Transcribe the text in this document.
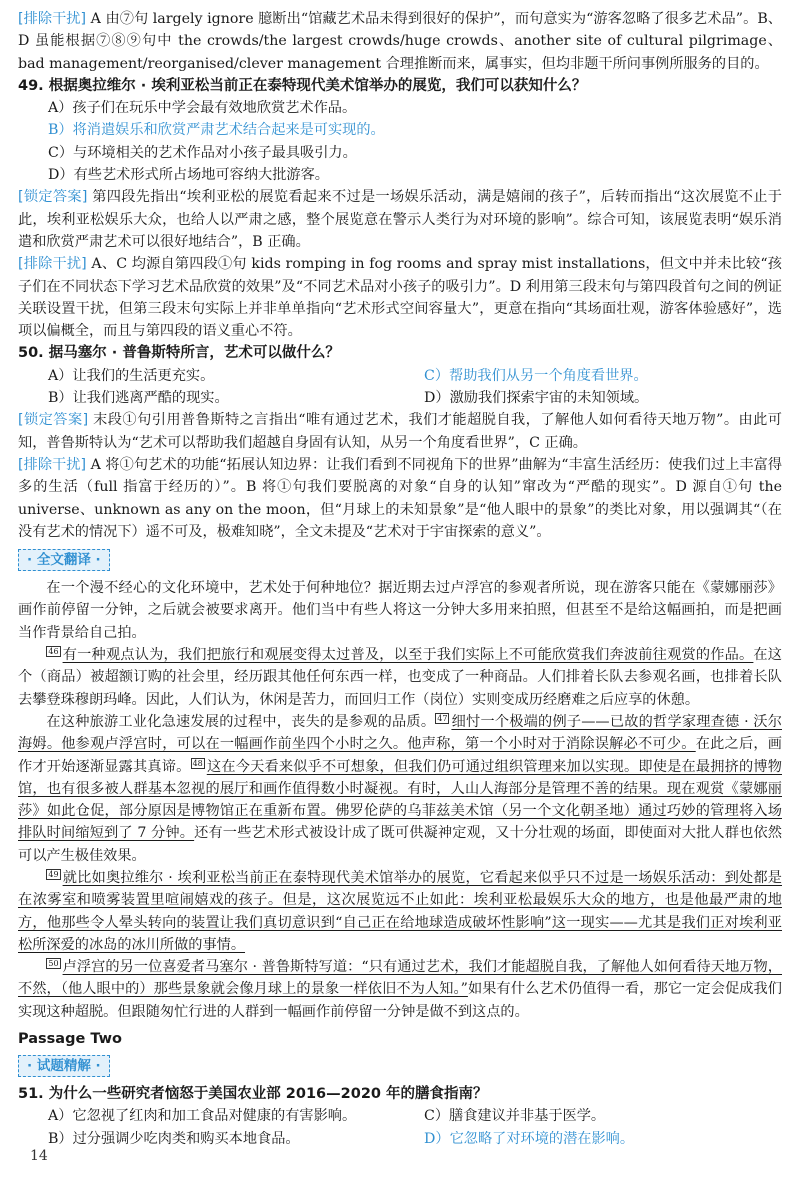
[排除干扰] A 由⑦句 largely ignore 臆断出“馆藏艺术品未得到很好的保护”，而句意实为“游客忽略了很多艺术品”。B、D 虽能根据⑦⑧⑨句中 the crowds/the largest crowds/huge crowds、another site of cultural pilgrimage、bad management/reorganised/clever management 合理推断而来，属事实，但均非题干所问事例所服务的目的。

49. 根据奥拉维尔 · 埃利亚松当前正在泰特现代美术馆举办的展览，我们可以获知什么？

A）孩子们在玩乐中学会最有效地欣赏艺术作品。

B）将消遣娱乐和欣赏严肃艺术结合起来是可实现的。

C）与环境相关的艺术作品对小孩子最具吸引力。

D）有些艺术形式所占场地可容纳大批游客。

[锁定答案] 第四段先指出“埃利亚松的展览看起来不过是一场娱乐活动，满是嬉闹的孩子”，后转而指出“这次展览不止于此，埃利亚松娱乐大众，也给人以严肃之感，整个展览意在警示人类行为对环境的影响”。综合可知，该展览表明“娱乐消遣和欣赏严肃艺术可以很好地结合”，B 正确。

[排除干扰] A、C 均源自第四段①句 kids romping in fog rooms and spray mist installations，但文中并未比较“孩子们在不同状态下学习艺术品欣赏的效果”及“不同艺术品对小孩子的吸引力”。D 利用第三段末句与第四段首句之间的例证关联设置干扰，但第三段末句实际上并非单单指向“艺术形式空间容量大”，更意在指向“其场面壮观，游客体验感好”，选项以偏概全，而且与第四段的语义重心不符。

50. 据马塞尔 · 普鲁斯特所言，艺术可以做什么？

A）让我们的生活更充实。	C）帮助我们从另一个角度看世界。
B）让我们逃离严酷的现实。	D）激励我们探索宇宙的未知领域。

[锁定答案] 末段①句引用普鲁斯特之言指出“唯有通过艺术，我们才能超脱自我，了解他人如何看待天地万物”。由此可知，普鲁斯特认为“艺术可以帮助我们超越自身固有认知，从另一个角度看世界”，C 正确。

[排除干扰] A 将①句艺术的功能“拓展认知边界：让我们看到不同视角下的世界”曲解为“丰富生活经历：使我们过上丰富得多的生活（full 指富于经历的）”。B 将①句我们要脱离的对象“自身的认知”窜改为“严酷的现实”。D 源自①句 the universe、unknown as any on the moon，但“月球上的未知景象”是“他人眼中的景象”的类比对象，用以强调其“（在没有艺术的情况下）遥不可及，极难知晓”，全文未提及“艺术对于宇宙探索的意义”。

· 全文翻译 ·

在一个漫不经心的文化环境中，艺术处于何种地位？据近期去过卢浮宫的参观者所说，现在游客只能在《蒙娜丽莎》画作前停留一分钟，之后就会被要求离开。他们当中有些人将这一分钟大多用来拍照，但甚至不是给这幅画拍，而是把画当作背景给自己拍。

46 有一种观点认为，我们把旅行和观展变得太过普及，以至于我们实际上不可能欣赏我们奔波前往观赏的作品。在这个（商品）被超额订购的社会里，经历跟其他任何东西一样，也变成了一种商品。人们排着长队去参观名画，也排着长队去攀登珠穆朗玛峰。因此，人们认为，休闲是苦力，而回归工作（岗位）实则变成历经磨难之后应享的休憩。

在这种旅游工业化急速发展的过程中，丧失的是参观的品质。 47 细忖一个极端的例子——已故的哲学家理查德 · 沃尔海姆。他参观卢浮宫时，可以在一幅画作前坐四个小时之久。他声称，第一个小时对于消除误解必不可少。在此之后，画作才开始逐渐显露其真谛。 48 这在今天看来似乎不可想象，但我们仍可通过组织管理来加以实现。即使是在最拥挤的博物馆，也有很多被人群基本忽视的展厅和画作值得数小时凝视。有时，人山人海部分是管理不善的结果。现在观赏《蒙娜丽莎》如此仓促，部分原因是博物馆正在重新布置。佛罗伦萨的乌菲兹美术馆（另一个文化朝圣地）通过巧妙的管理将入场排队时间缩短到了 7 分钟。还有一些艺术形式被设计成了既可供凝神定观，又十分壮观的场面，即使面对大批人群也依然可以产生极佳效果。

49 就比如奥拉维尔 · 埃利亚松当前正在泰特现代美术馆举办的展览，它看起来似乎只不过是一场娱乐活动：到处都是在浓雾室和喷雾装置里喧闹嬉戏的孩子。但是，这次展览远不止如此：埃利亚松最娱乐大众的地方，也是他最严肃的地方，他那些令人晕头转向的装置让我们真切意识到“自己正在给地球造成破坏性影响”这一现实——尤其是我们正对埃利亚松所深爱的冰岛的冰川所做的事情。

50 卢浮宫的另一位喜爱者马塞尔 · 普鲁斯特写道：“只有通过艺术，我们才能超脱自我，了解他人如何看待天地万物，不然，（他人眼中的）那些景象就会像月球上的景象一样依旧不为人知。”如果有什么艺术仍值得一看，那它一定会促成我们实现这种超脱。但跟随匆忙行进的人群到一幅画作前停留一分钟是做不到这点的。

Passage Two

· 试题精解 ·

51. 为什么一些研究者恼怒于美国农业部 2016—2020 年的膳食指南？

A）它忽视了红肉和加工食品对健康的有害影响。	C）膳食建议并非基于医学。
B）过分强调少吃肉类和购买本地食品。	D）它忽略了对环境的潜在影响。
14
